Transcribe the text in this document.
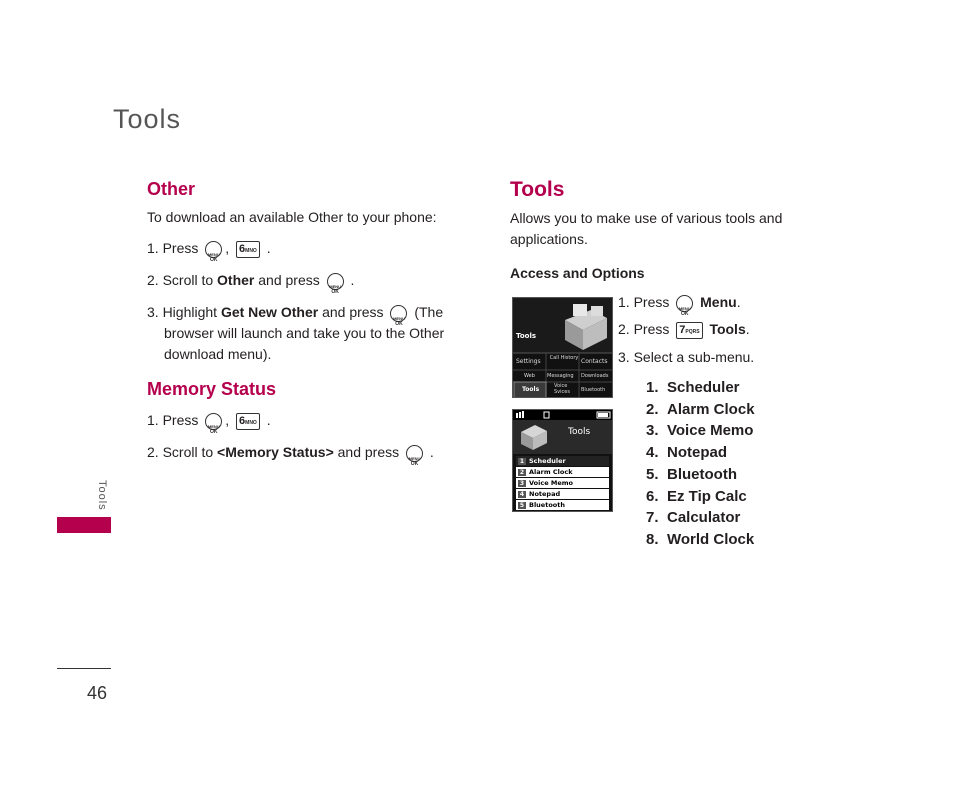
Tools
Other
To download an available Other to your phone:
1. Press MENU OK , 6MNO .
2. Scroll to Other and press MENU OK .
3. Highlight Get New Other and press MENU OK (The
browser will launch and take you to the Other
download menu).
Memory Status
1. Press MENU OK , 6MNO .
2. Scroll to <Memory Status> and press MENU OK .
Tools
Allows you to make use of various tools and
applications.
Access and Options
1. Press MENU OK Menu.
2. Press 7PQRS Tools.
3. Select a sub-menu.
1. Scheduler
2. Alarm Clock
3. Voice Memo
4. Notepad
5. Bluetooth
6. Ez Tip Calc
7. Calculator
8. World Clock
Tools
Settings Call History Contacts
Web Messaging Downloads
Tools	Voice Svices	Bluetooth
Tools
1 Scheduler
2 Alarm Clock
3 Voice Memo
4 Notepad
5 Bluetooth
Tools
46
